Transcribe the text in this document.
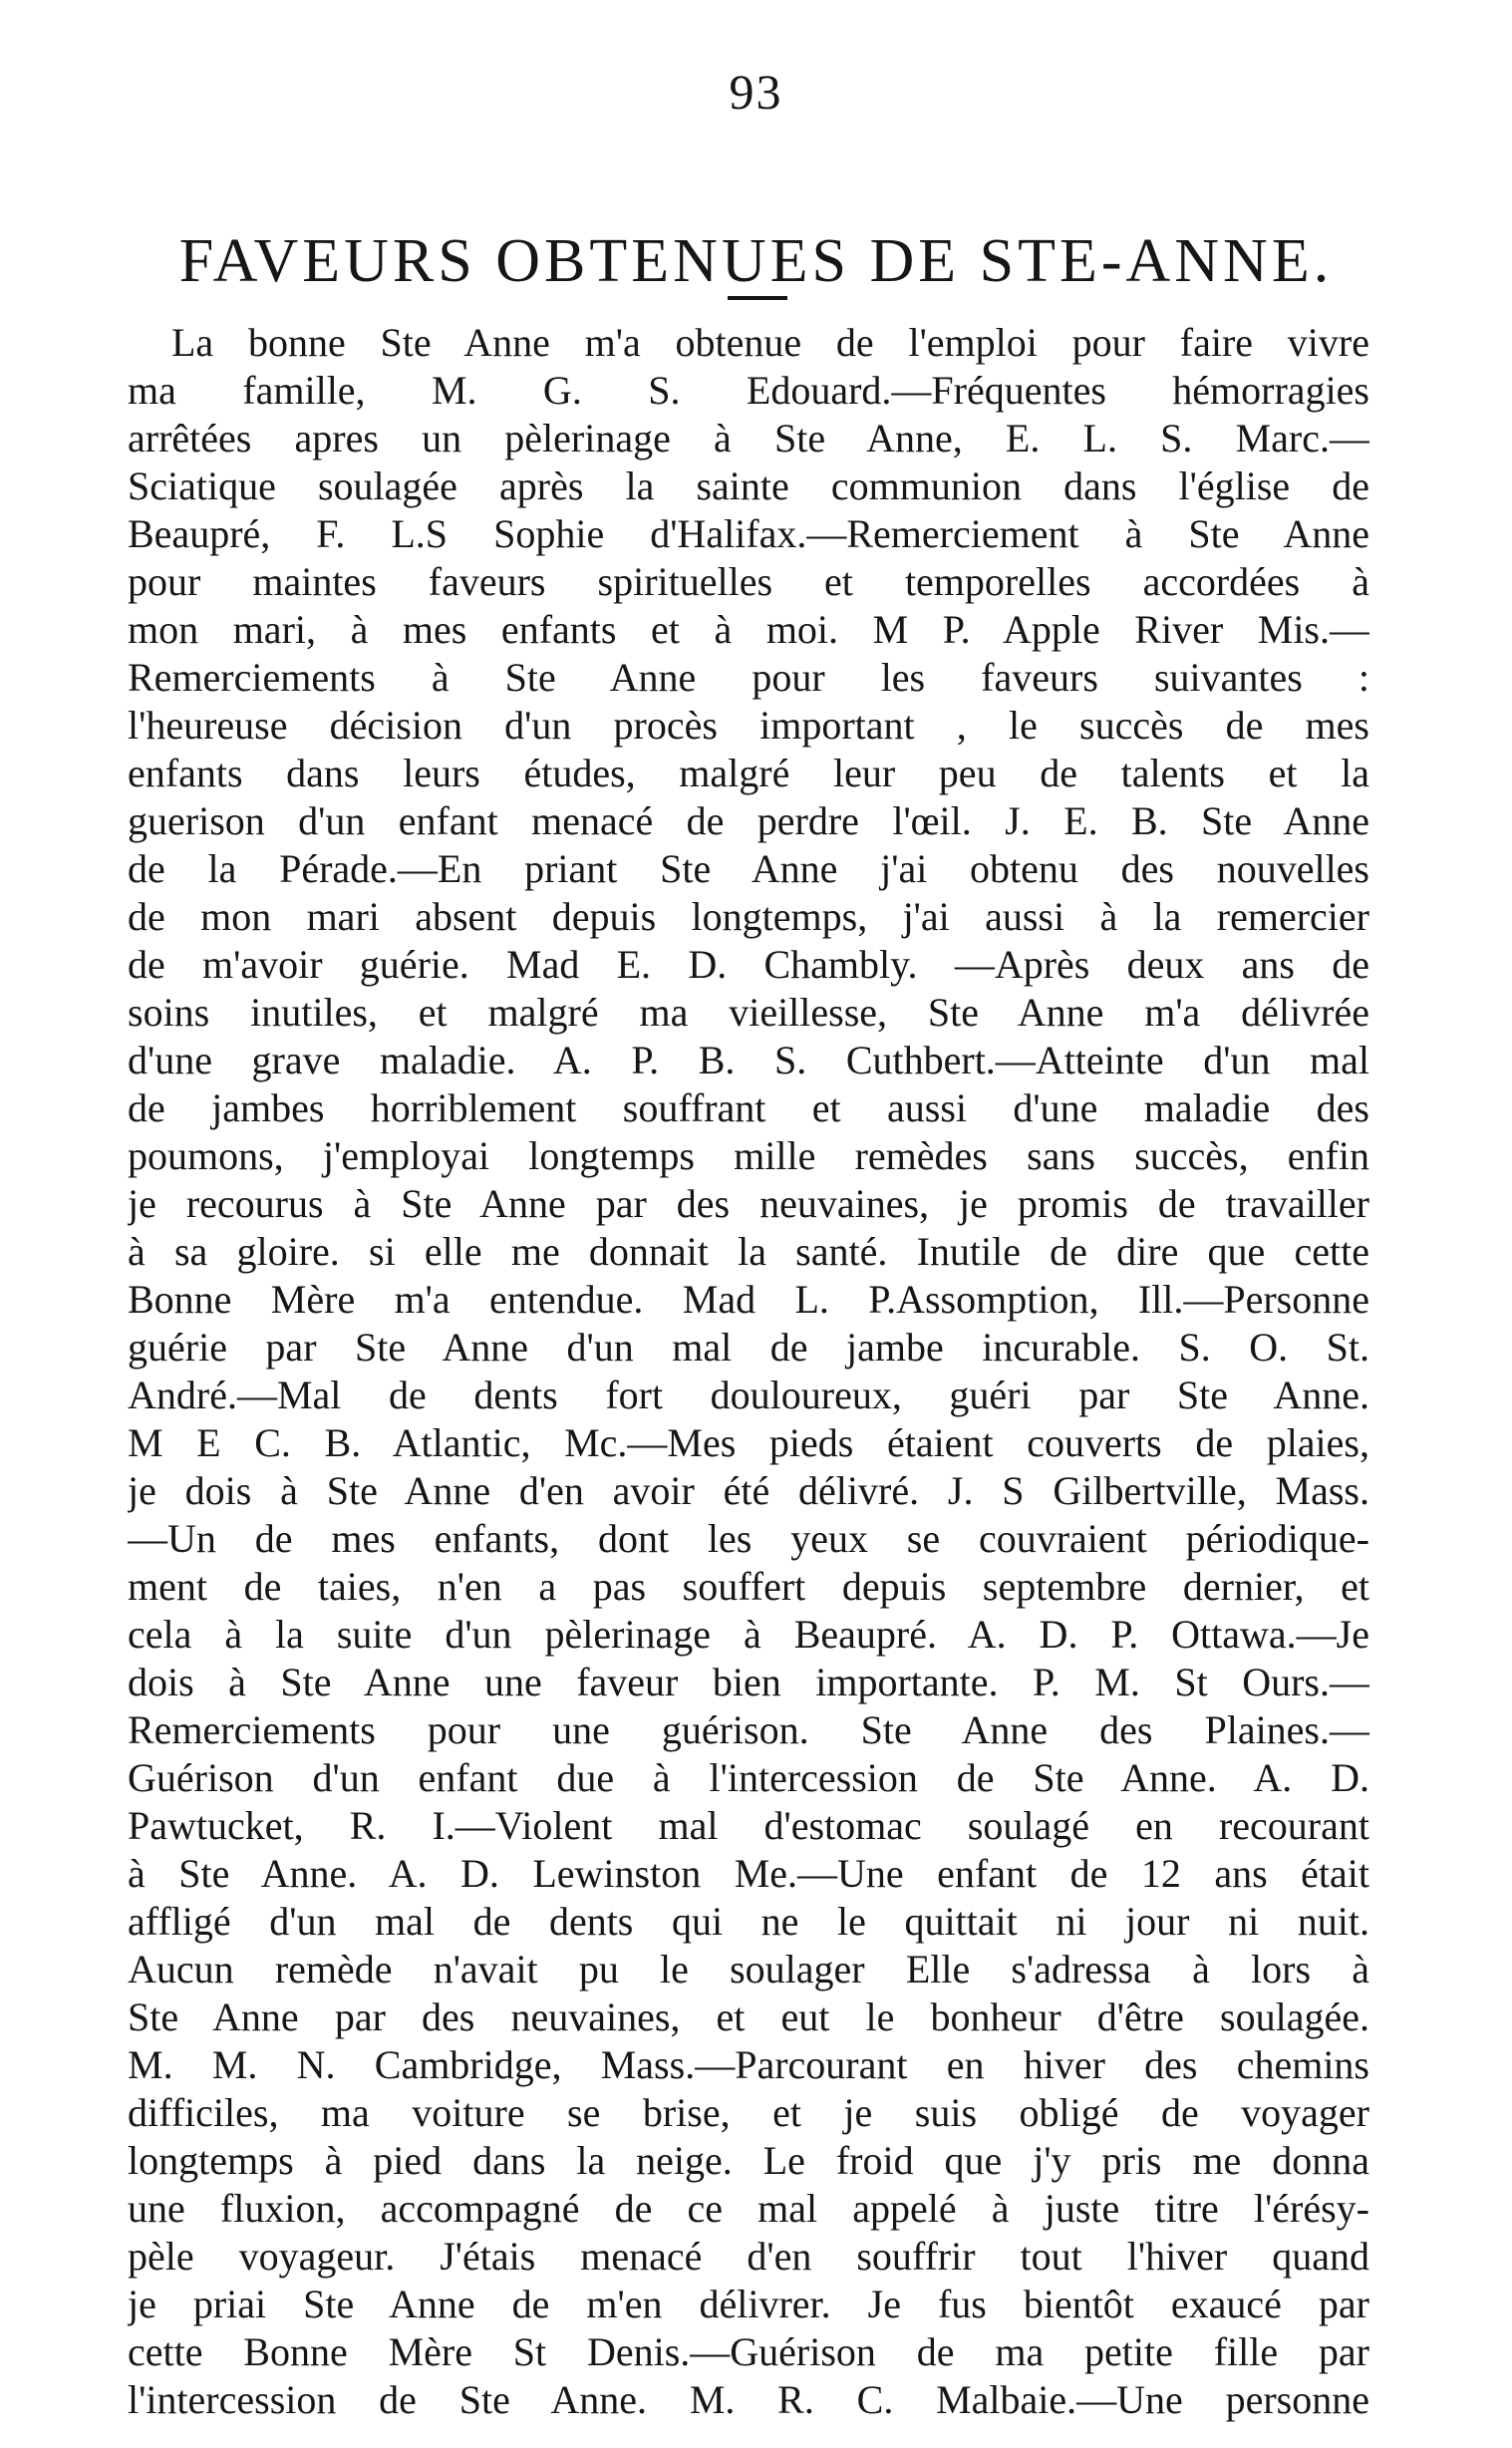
93
FAVEURS OBTENUES DE STE-ANNE.
La bonne Ste Anne m'a obtenue de l'emploi pour faire vivre
ma famille, M. G. S. Edouard.—Fréquentes hémorragies
arrêtées apres un pèlerinage à Ste Anne, E. L. S. Marc.—
Sciatique soulagée après la sainte communion dans l'église de
Beaupré, F. L.S Sophie d'Halifax.—Remerciement à Ste Anne
pour maintes faveurs spirituelles et temporelles accordées à
mon mari, à mes enfants et à moi. M P. Apple River Mis.—
Remerciements à Ste Anne pour les faveurs suivantes :
l'heureuse décision d'un procès important , le succès de mes
enfants dans leurs études, malgré leur peu de talents et la
guerison d'un enfant menacé de perdre l'œil. J. E. B. Ste Anne
de la Pérade.—En priant Ste Anne j'ai obtenu des nouvelles
de mon mari absent depuis longtemps, j'ai aussi à la remercier
de m'avoir guérie. Mad E. D. Chambly. —Après deux ans de
soins inutiles, et malgré ma vieillesse, Ste Anne m'a délivrée
d'une grave maladie. A. P. B. S. Cuthbert.—Atteinte d'un mal
de jambes horriblement souffrant et aussi d'une maladie des
poumons, j'employai longtemps mille remèdes sans succès, enfin
je recourus à Ste Anne par des neuvaines, je promis de travailler
à sa gloire. si elle me donnait la santé. Inutile de dire que cette
Bonne Mère m'a entendue. Mad L. P.Assomption, Ill.—Personne
guérie par Ste Anne d'un mal de jambe incurable. S. O. St.
André.—Mal de dents fort douloureux, guéri par Ste Anne.
M E C. B. Atlantic, Mc.—Mes pieds étaient couverts de plaies,
je dois à Ste Anne d'en avoir été délivré. J. S Gilbertville, Mass.
—Un de mes enfants, dont les yeux se couvraient périodique-
ment de taies, n'en a pas souffert depuis septembre dernier, et
cela à la suite d'un pèlerinage à Beaupré. A. D. P. Ottawa.—Je
dois à Ste Anne une faveur bien importante. P. M. St Ours.—
Remerciements pour une guérison. Ste Anne des Plaines.—
Guérison d'un enfant due à l'intercession de Ste Anne. A. D.
Pawtucket, R. I.—Violent mal d'estomac soulagé en recourant
à Ste Anne. A. D. Lewinston Me.—Une enfant de 12 ans était
affligé d'un mal de dents qui ne le quittait ni jour ni nuit.
Aucun remède n'avait pu le soulager Elle s'adressa à lors à
Ste Anne par des neuvaines, et eut le bonheur d'être soulagée.
M. M. N. Cambridge, Mass.—Parcourant en hiver des chemins
difficiles, ma voiture se brise, et je suis obligé de voyager
longtemps à pied dans la neige. Le froid que j'y pris me donna
une fluxion, accompagné de ce mal appelé à juste titre l'érésy-
pèle voyageur. J'étais menacé d'en souffrir tout l'hiver quand
je priai Ste Anne de m'en délivrer. Je fus bientôt exaucé par
cette Bonne Mère St Denis.—Guérison de ma petite fille par
l'intercession de Ste Anne. M. R. C. Malbaie.—Une personne
